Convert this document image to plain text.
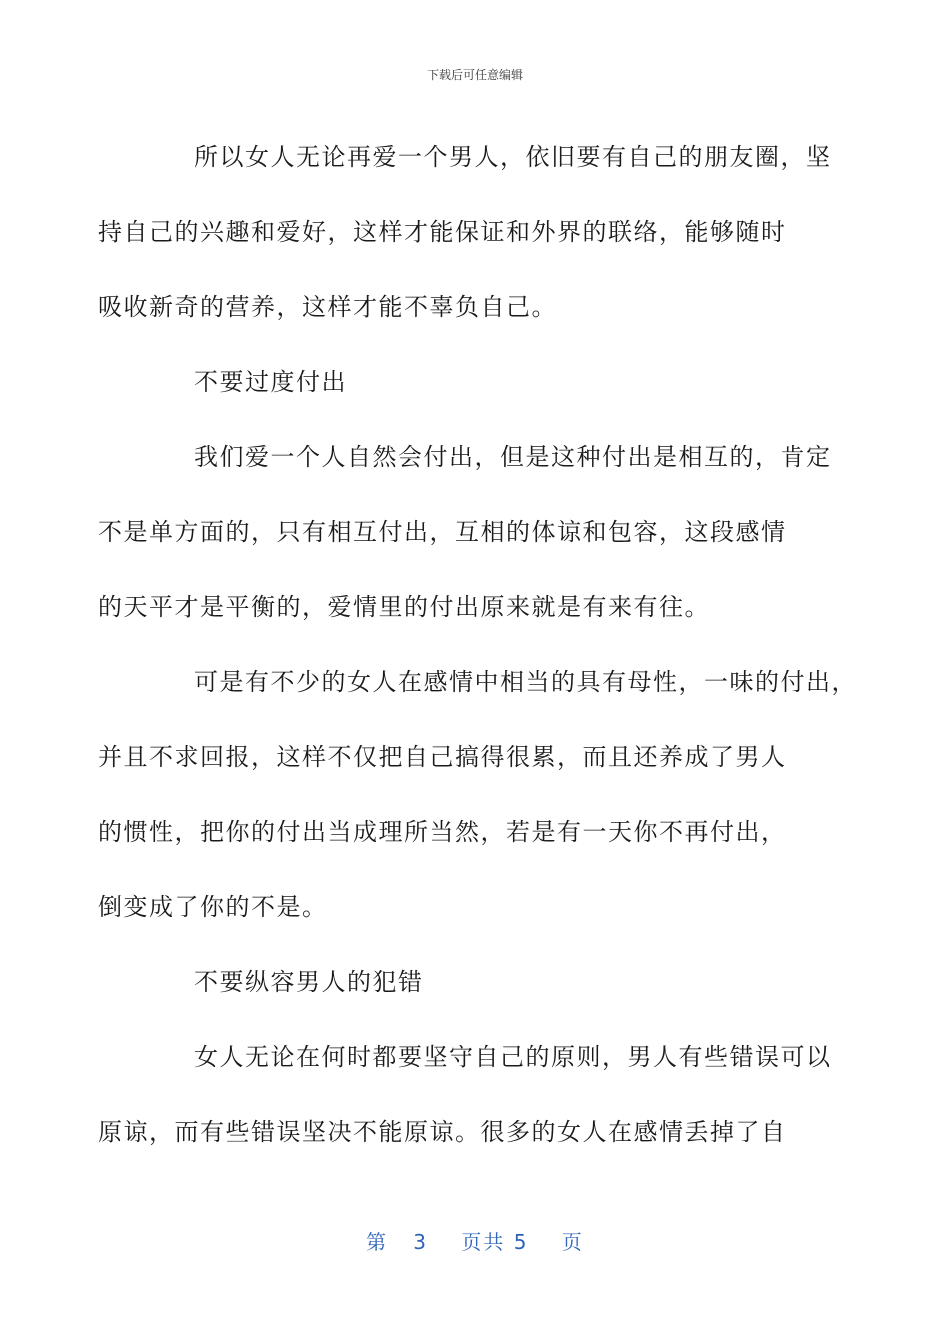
下载后可任意编辑
所以女人无论再爱一个男人，依旧要有自己的朋友圈，坚
持自己的兴趣和爱好，这样才能保证和外界的联络，能够随时
吸收新奇的营养，这样才能不辜负自己。
不要过度付出
我们爱一个人自然会付出，但是这种付出是相互的，肯定
不是单方面的，只有相互付出，互相的体谅和包容，这段感情
的天平才是平衡的，爱情里的付出原来就是有来有往。
可是有不少的女人在感情中相当的具有母性，一味的付出，
并且不求回报，这样不仅把自己搞得很累，而且还养成了男人
的惯性，把你的付出当成理所当然，若是有一天你不再付出，
倒变成了你的不是。
不要纵容男人的犯错
女人无论在何时都要坚守自己的原则，男人有些错误可以
原谅，而有些错误坚决不能原谅。很多的女人在感情丢掉了自
第 3 页共 5 页
